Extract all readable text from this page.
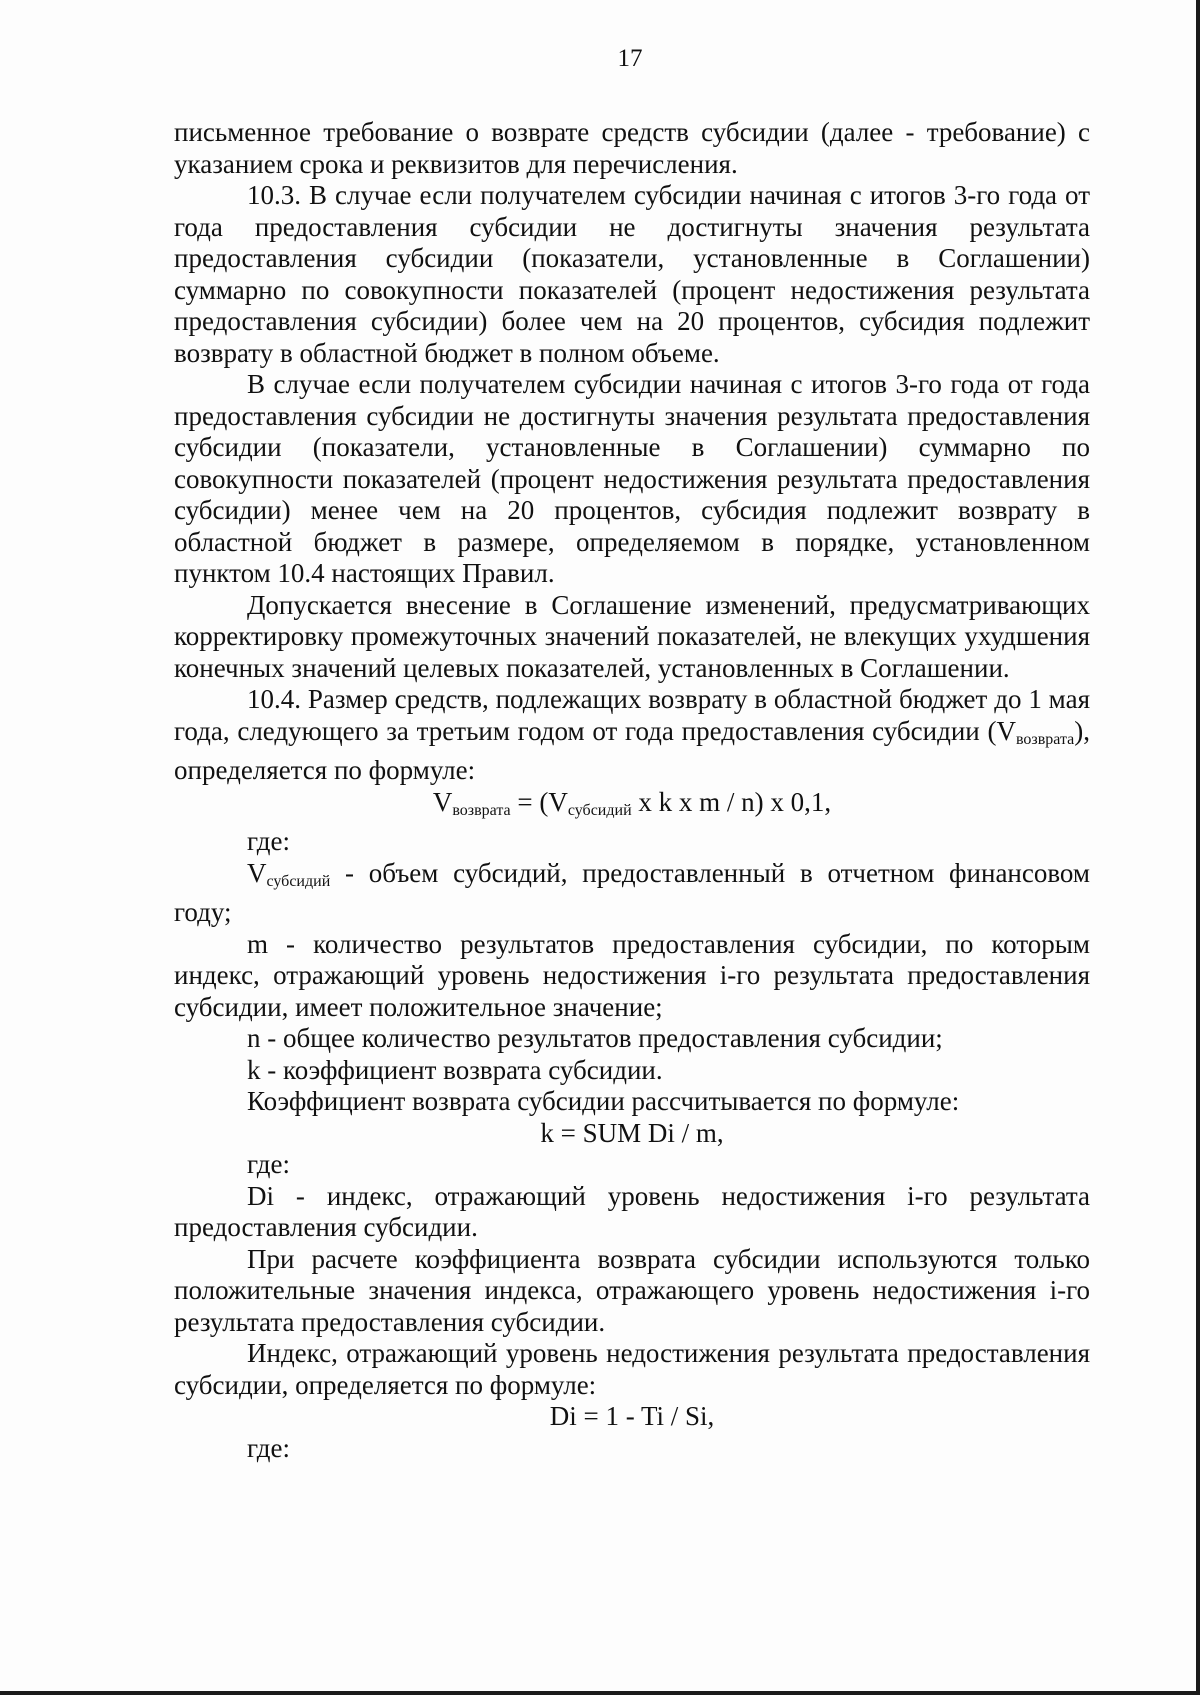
17

письменное требование о возврате средств субсидии (далее - требование) с указанием срока и реквизитов для перечисления.

10.3. В случае если получателем субсидии начиная с итогов 3-го года от года предоставления субсидии не достигнуты значения результата предоставления субсидии (показатели, установленные в Соглашении) суммарно по совокупности показателей (процент недостижения результата предоставления субсидии) более чем на 20 процентов, субсидия подлежит возврату в областной бюджет в полном объеме.

В случае если получателем субсидии начиная с итогов 3-го года от года предоставления субсидии не достигнуты значения результата предоставления субсидии (показатели, установленные в Соглашении) суммарно по совокупности показателей (процент недостижения результата предоставления субсидии) менее чем на 20 процентов, субсидия подлежит возврату в областной бюджет в размере, определяемом в порядке, установленном пунктом 10.4 настоящих Правил.

Допускается внесение в Соглашение изменений, предусматривающих корректировку промежуточных значений показателей, не влекущих ухудшения конечных значений целевых показателей, установленных в Соглашении.

10.4. Размер средств, подлежащих возврату в областной бюджет до 1 мая года, следующего за третьим годом от года предоставления субсидии $(V_{возврата})$, определяется по формуле:

$V_{возврата} = (V_{субсидий}$ x k x m / n) x 0,1,

где:

$V_{субсидий}$ - объем субсидий, предоставленный в отчетном финансовом году;

m - количество результатов предоставления субсидии, по которым индекс, отражающий уровень недостижения i-го результата предоставления субсидии, имеет положительное значение;

n - общее количество результатов предоставления субсидии;

k - коэффициент возврата субсидии.

Коэффициент возврата субсидии рассчитывается по формуле:

k = SUM Di / m,

где:

Di - индекс, отражающий уровень недостижения i-го результата предоставления субсидии.

При расчете коэффициента возврата субсидии используются только положительные значения индекса, отражающего уровень недостижения i-го результата предоставления субсидии.

Индекс, отражающий уровень недостижения результата предоставления субсидии, определяется по формуле:

Di = 1 - Ti / Si,

где:
